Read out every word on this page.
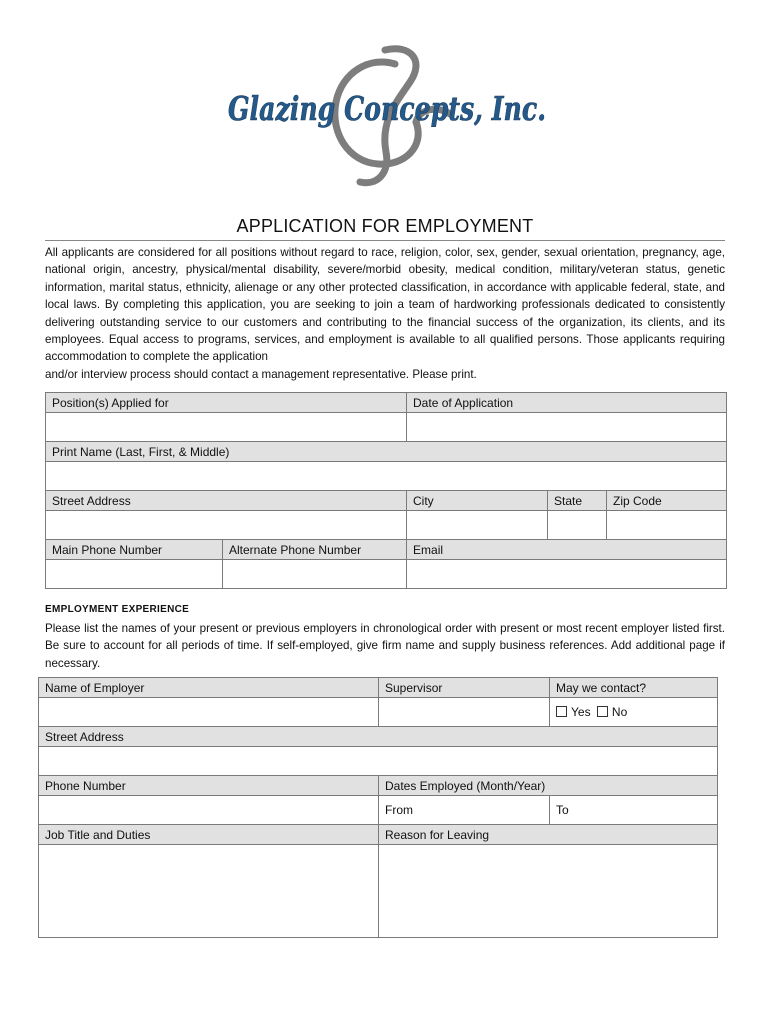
Glazing Concepts, Inc.
APPLICATION FOR EMPLOYMENT
All applicants are considered for all positions without regard to race, religion, color, sex, gender, sexual orientation, pregnancy, age, national origin, ancestry, physical/mental disability, severe/morbid obesity, medical condition, military/veteran status, genetic information, marital status, ethnicity, alienage or any other protected classification, in accordance with applicable federal, state, and local laws. By completing this application, you are seeking to join a team of hardworking professionals dedicated to consistently delivering outstanding service to our customers and contributing to the financial success of the organization, its clients, and its employees. Equal access to programs, services, and employment is available to all qualified persons. Those applicants requiring accommodation to complete the application
and/or interview process should contact a management representative. Please print.
Position(s) Applied for		Date of Application		

Print Name (Last, First, & Middle)				

Street Address		City	State	Zip Code

Main Phone Number	Alternate Phone Number	Email		

EMPLOYMENT EXPERIENCE
Please list the names of your present or previous employers in chronological order with present or most recent employer listed first. Be sure to account for all periods of time. If self-employed, give firm name and supply business references. Add additional page if necessary.
Name of Employer	Supervisor	May we contact?
		Yes No
Street Address		

Phone Number	Dates Employed (Month/Year)	
	From	To
Job Title and Duties	Reason for Leaving	
